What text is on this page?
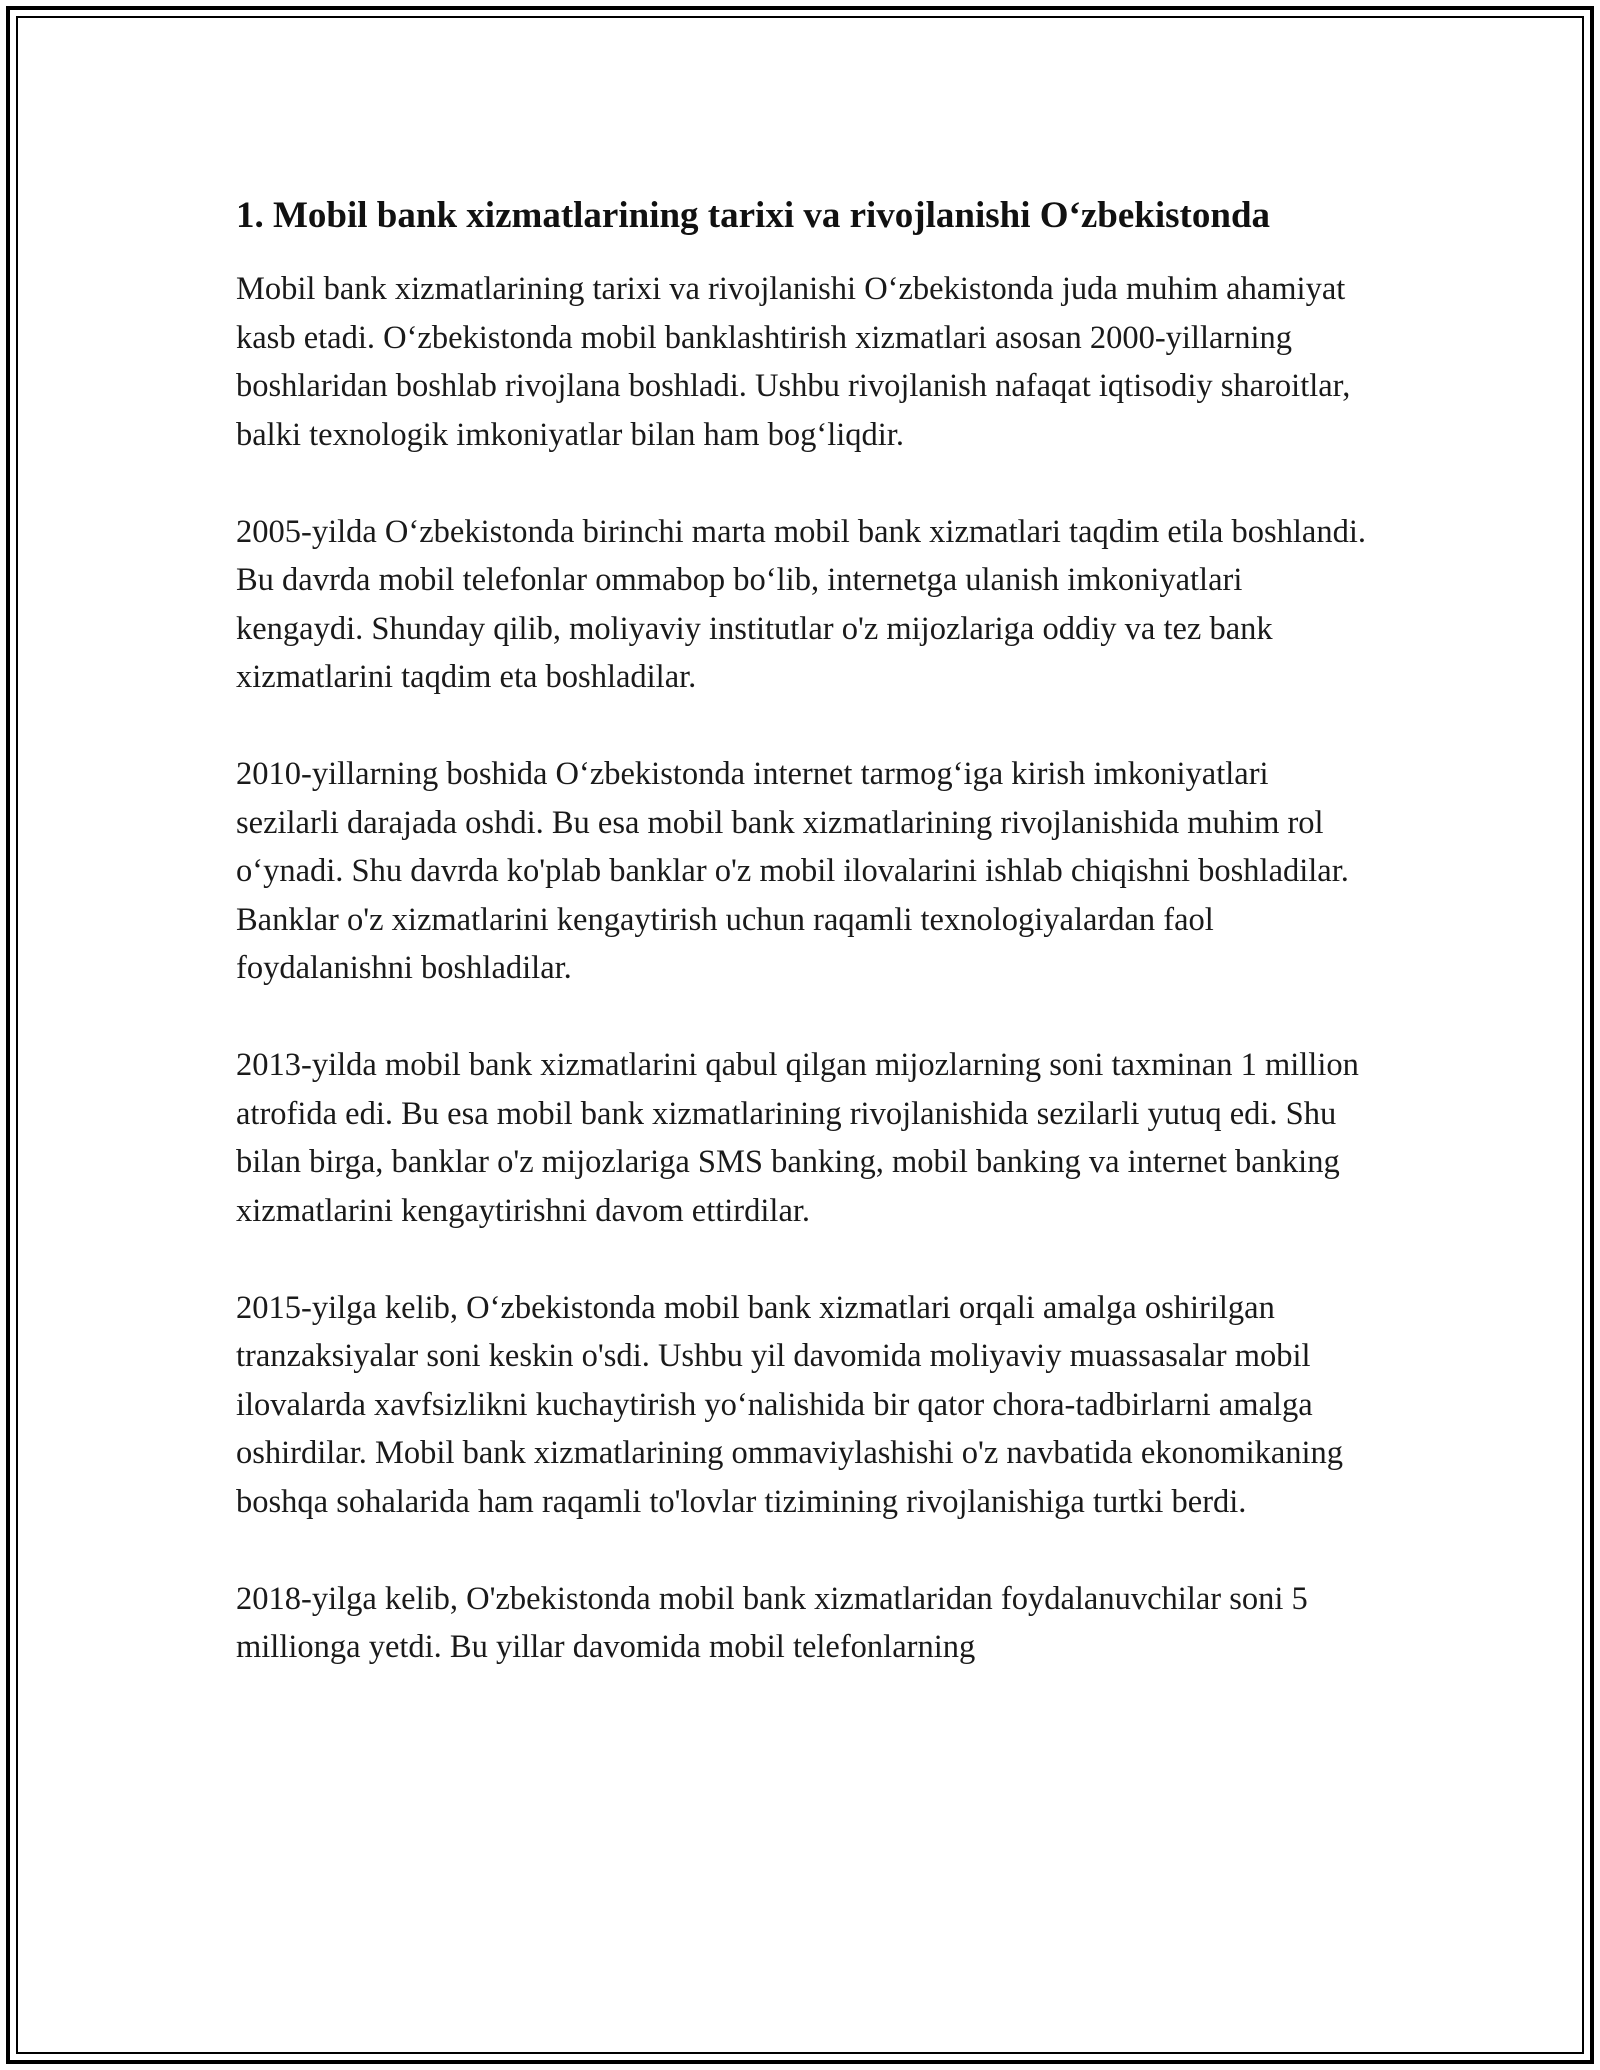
1. Mobil bank xizmatlarining tarixi va rivojlanishi O‘zbekistonda

Mobil bank xizmatlarining tarixi va rivojlanishi O‘zbekistonda juda muhim ahamiyat kasb etadi. O‘zbekistonda mobil banklashtirish xizmatlari asosan 2000-yillarning boshlaridan boshlab rivojlana boshladi. Ushbu rivojlanish nafaqat iqtisodiy sharoitlar, balki texnologik imkoniyatlar bilan ham bog‘liqdir.

2005-yilda O‘zbekistonda birinchi marta mobil bank xizmatlari taqdim etila boshlandi. Bu davrda mobil telefonlar ommabop bo‘lib, internetga ulanish imkoniyatlari kengaydi. Shunday qilib, moliyaviy institutlar o'z mijozlariga oddiy va tez bank xizmatlarini taqdim eta boshladilar.

2010-yillarning boshida O‘zbekistonda internet tarmog‘iga kirish imkoniyatlari sezilarli darajada oshdi. Bu esa mobil bank xizmatlarining rivojlanishida muhim rol o‘ynadi. Shu davrda ko'plab banklar o'z mobil ilovalarini ishlab chiqishni boshladilar. Banklar o'z xizmatlarini kengaytirish uchun raqamli texnologiyalardan faol foydalanishni boshladilar.

2013-yilda mobil bank xizmatlarini qabul qilgan mijozlarning soni taxminan 1 million atrofida edi. Bu esa mobil bank xizmatlarining rivojlanishida sezilarli yutuq edi. Shu bilan birga, banklar o'z mijozlariga SMS banking, mobil banking va internet banking xizmatlarini kengaytirishni davom ettirdilar.

2015-yilga kelib, O‘zbekistonda mobil bank xizmatlari orqali amalga oshirilgan tranzaksiyalar soni keskin o'sdi. Ushbu yil davomida moliyaviy muassasalar mobil ilovalarda xavfsizlikni kuchaytirish yo‘nalishida bir qator chora-tadbirlarni amalga oshirdilar. Mobil bank xizmatlarining ommaviylashishi o'z navbatida ekonomikaning boshqa sohalarida ham raqamli to'lovlar tizimining rivojlanishiga turtki berdi.

2018-yilga kelib, O'zbekistonda mobil bank xizmatlaridan foydalanuvchilar soni 5 millionga yetdi. Bu yillar davomida mobil telefonlarning
